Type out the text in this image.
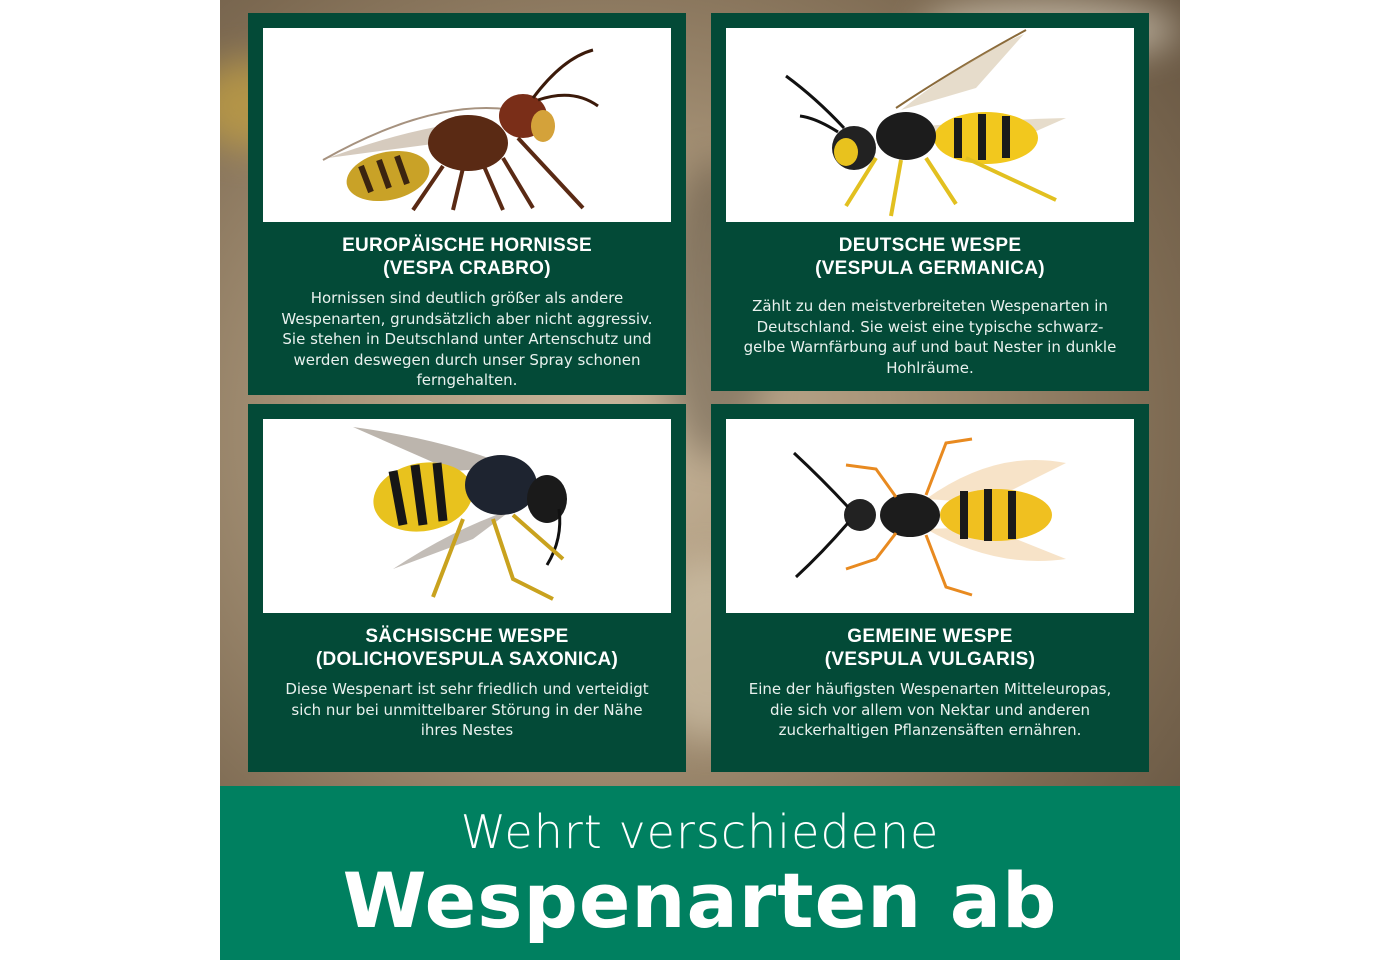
EUROPÄISCHE HORNISSE
(VESPA CRABRO)

Hornissen sind deutlich größer als andere Wespenarten, grundsätzlich aber nicht aggressiv. Sie stehen in Deutschland unter Artenschutz und werden deswegen durch unser Spray schonen ferngehalten.

DEUTSCHE WESPE
(VESPULA GERMANICA)

Zählt zu den meistverbreiteten Wespenarten in Deutschland. Sie weist eine typische schwarz-gelbe Warnfärbung auf und baut Nester in dunkle Hohlräume.

SÄCHSISCHE WESPE
(DOLICHOVESPULA SAXONICA)

Diese Wespenart ist sehr friedlich und verteidigt sich nur bei unmittelbarer Störung in der Nähe ihres Nestes

GEMEINE WESPE
(VESPULA VULGARIS)

Eine der häufigsten Wespenarten Mitteleuropas, die sich vor allem von Nektar und anderen zuckerhaltigen Pflanzensäften ernähren.

Wehrt verschiedene
Wespenarten ab
